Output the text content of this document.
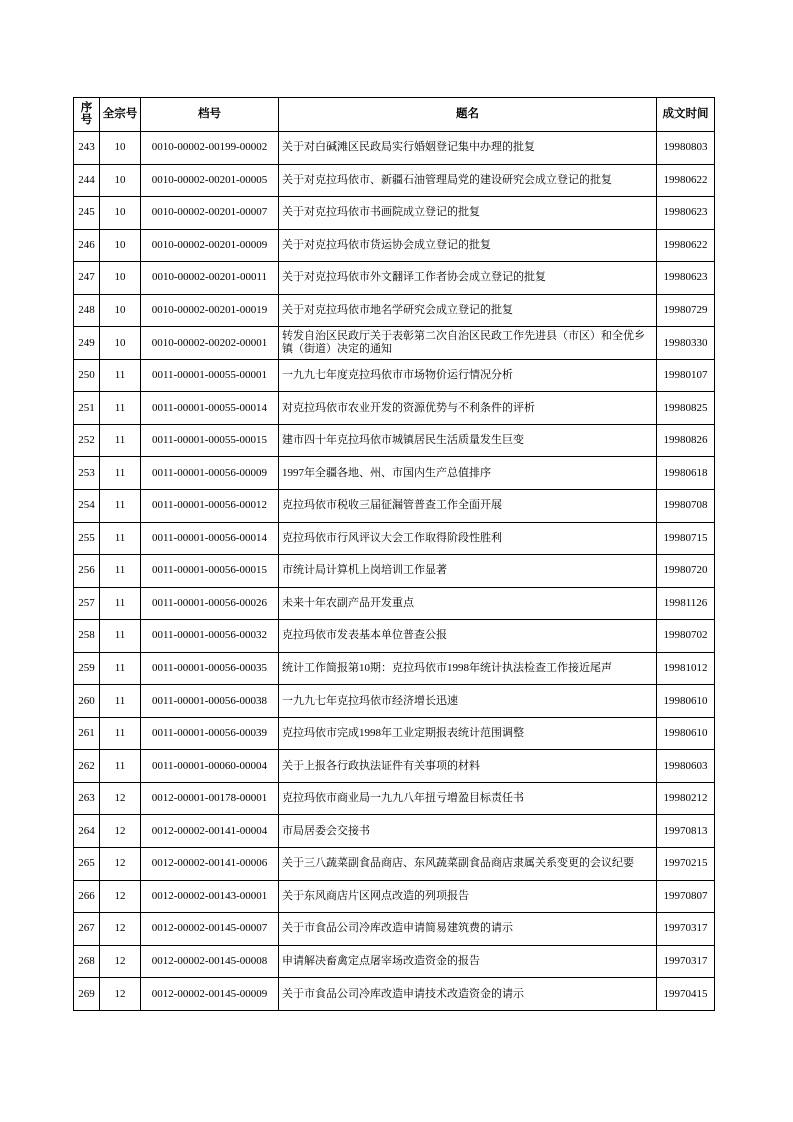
序号	全宗号	档号	题名	成文时间
243	10	0010-00002-00199-00002	关于对白碱滩区民政局实行婚姻登记集中办理的批复	19980803
244	10	0010-00002-00201-00005	关于对克拉玛依市、新疆石油管理局党的建设研究会成立登记的批复	19980622
245	10	0010-00002-00201-00007	关于对克拉玛依市书画院成立登记的批复	19980623
246	10	0010-00002-00201-00009	关于对克拉玛依市货运协会成立登记的批复	19980622
247	10	0010-00002-00201-00011	关于对克拉玛依市外文翻译工作者协会成立登记的批复	19980623
248	10	0010-00002-00201-00019	关于对克拉玛依市地名学研究会成立登记的批复	19980729
249	10	0010-00002-00202-00001	转发自治区民政厅关于表彰第二次自治区民政工作先进县（市区）和全优乡镇（街道）决定的通知	19980330
250	11	0011-00001-00055-00001	一九九七年度克拉玛依市市场物价运行情况分析	19980107
251	11	0011-00001-00055-00014	对克拉玛依市农业开发的资源优势与不利条件的评析	19980825
252	11	0011-00001-00055-00015	建市四十年克拉玛依市城镇居民生活质量发生巨变	19980826
253	11	0011-00001-00056-00009	1997年全疆各地、州、市国内生产总值排序	19980618
254	11	0011-00001-00056-00012	克拉玛依市税收三届征漏管普查工作全面开展	19980708
255	11	0011-00001-00056-00014	克拉玛依市行风评议大会工作取得阶段性胜利	19980715
256	11	0011-00001-00056-00015	市统计局计算机上岗培训工作显著	19980720
257	11	0011-00001-00056-00026	未来十年农副产品开发重点	19981126
258	11	0011-00001-00056-00032	克拉玛依市发表基本单位普查公报	19980702
259	11	0011-00001-00056-00035	统计工作简报第10期：克拉玛依市1998年统计执法检查工作接近尾声	19981012
260	11	0011-00001-00056-00038	一九九七年克拉玛依市经济增长迅速	19980610
261	11	0011-00001-00056-00039	克拉玛依市完成1998年工业定期报表统计范围调整	19980610
262	11	0011-00001-00060-00004	关于上报各行政执法证件有关事项的材料	19980603
263	12	0012-00001-00178-00001	克拉玛依市商业局一九九八年扭亏增盈目标责任书	19980212
264	12	0012-00002-00141-00004	市局居委会交接书	19970813
265	12	0012-00002-00141-00006	关于三八蔬菜副食品商店、东风蔬菜副食品商店隶属关系变更的会议纪要	19970215
266	12	0012-00002-00143-00001	关于东风商店片区网点改造的列项报告	19970807
267	12	0012-00002-00145-00007	关于市食品公司冷库改造申请简易建筑费的请示	19970317
268	12	0012-00002-00145-00008	申请解决畜禽定点屠宰场改造资金的报告	19970317
269	12	0012-00002-00145-00009	关于市食品公司冷库改造申请技术改造资金的请示	19970415
